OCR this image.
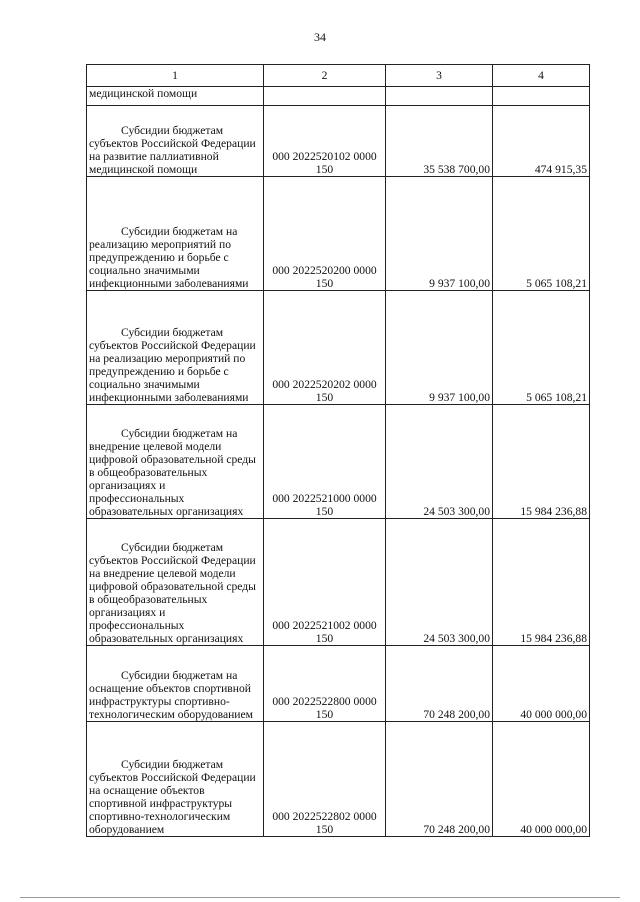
34
1	2	3	4
медицинской помощи			

Субсидии бюджетам субъектов Российской Федерации на развитие паллиативной медицинской помощи	000 2022520102 0000 150	35 538 700,00	474 915,35

Субсидии бюджетам на реализацию мероприятий по предупреждению и борьбе с социально значимыми инфекционными заболеваниями	000 2022520200 0000 150	9 937 100,00	5 065 108,21

Субсидии бюджетам субъектов Российской Федерации на реализацию мероприятий по предупреждению и борьбе с социально значимыми инфекционными заболеваниями	000 2022520202 0000 150	9 937 100,00	5 065 108,21

Субсидии бюджетам на внедрение целевой модели цифровой образовательной среды в общеобразовательных организациях и профессиональных образовательных организациях	000 2022521000 0000 150	24 503 300,00	15 984 236,88

Субсидии бюджетам субъектов Российской Федерации на внедрение целевой модели цифровой образовательной среды в общеобразовательных организациях и профессиональных образовательных организациях	000 2022521002 0000 150	24 503 300,00	15 984 236,88

Субсидии бюджетам на оснащение объектов спортивной инфраструктуры спортивно-технологическим оборудованием	000 2022522800 0000 150	70 248 200,00	40 000 000,00

Субсидии бюджетам субъектов Российской Федерации на оснащение объектов спортивной инфраструктуры спортивно-технологическим оборудованием	000 2022522802 0000 150	70 248 200,00	40 000 000,00
